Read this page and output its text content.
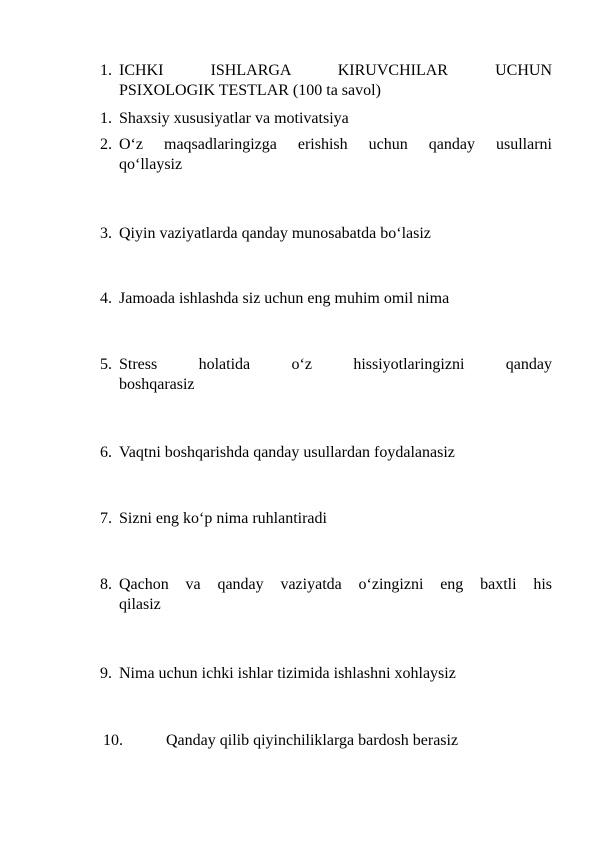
1. ICHKI ISHLARGA KIRUVCHILAR UCHUN
PSIXOLOGIK TESTLAR (100 ta savol)
1. Shaxsiy xususiyatlar va motivatsiya
2. O‘z maqsadlaringizga erishish uchun qanday usullarni
qo‘llaysiz
3. Qiyin vaziyatlarda qanday munosabatda bo‘lasiz
4. Jamoada ishlashda siz uchun eng muhim omil nima
5. Stress holatida o‘z hissiyotlaringizni qanday
boshqarasiz
6. Vaqtni boshqarishda qanday usullardan foydalanasiz
7. Sizni eng ko‘p nima ruhlantiradi
8. Qachon va qanday vaziyatda o‘zingizni eng baxtli his
qilasiz
9. Nima uchun ichki ishlar tizimida ishlashni xohlaysiz
10.	Qanday qilib qiyinchiliklarga bardosh berasiz
